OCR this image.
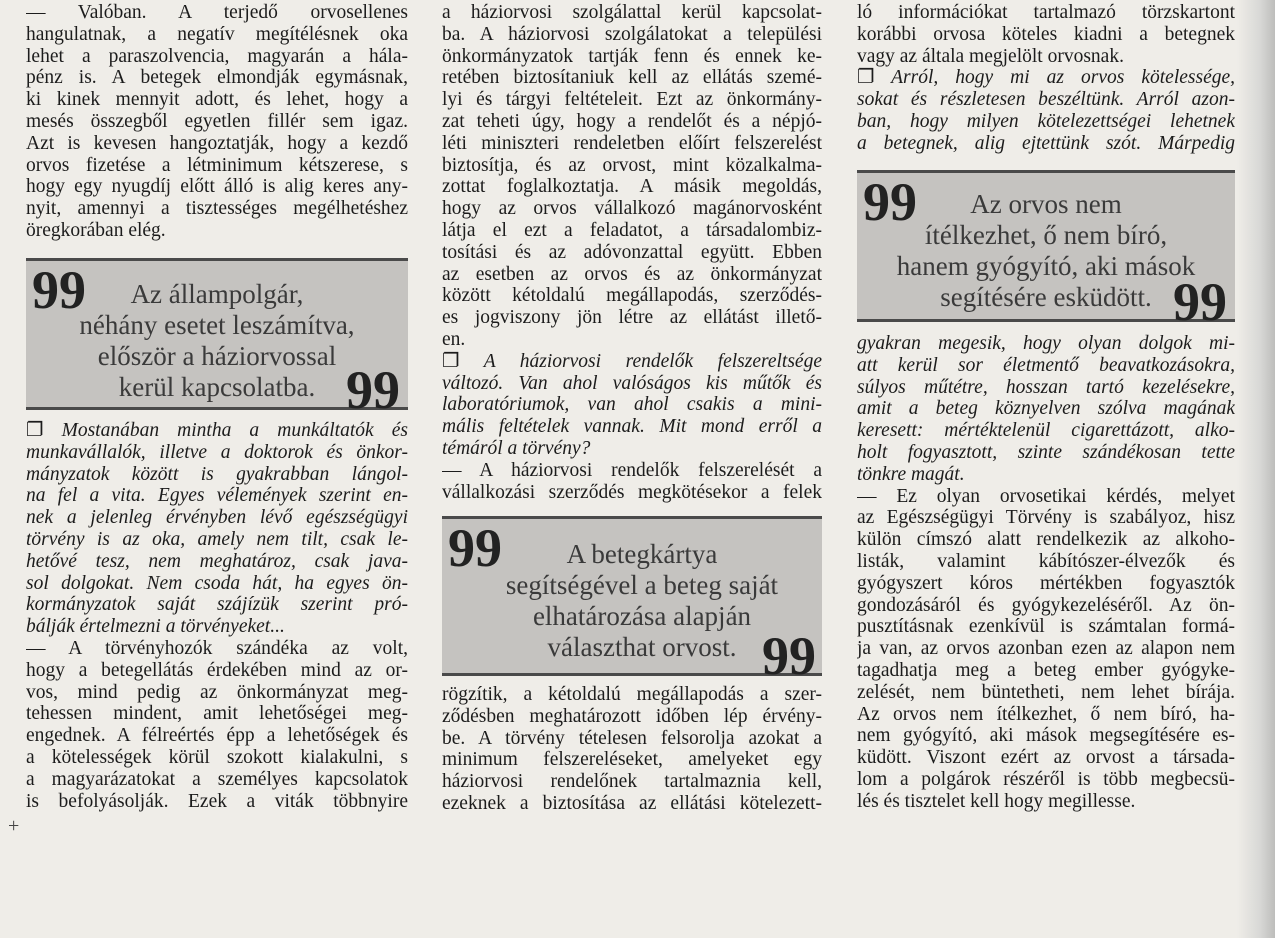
— Valóban. A terjedő orvosellenes
hangulatnak, a negatív megítélésnek oka
lehet a paraszolvencia, magyarán a hála-
pénz is. A betegek elmondják egymásnak,
ki kinek mennyit adott, és lehet, hogy a
mesés összegből egyetlen fillér sem igaz.
Azt is kevesen hangoztatják, hogy a kezdő
orvos fizetése a létminimum kétszerese, s
hogy egy nyugdíj előtt álló is alig keres any-
nyit, amennyi a tisztességes megélhetéshez
öregkorában elég.
99	Az állampolgár,
néhány esetet leszámítva,
először a háziorvossal
kerül kapcsolatba. 99
❐ Mostanában mintha a munkáltatók és
munkavállalók, illetve a doktorok és önkor-
mányzatok között is gyakrabban lángol-
na fel a vita. Egyes vélemények szerint en-
nek a jelenleg érvényben lévő egészségügyi
törvény is az oka, amely nem tilt, csak le-
hetővé tesz, nem meghatároz, csak java-
sol dolgokat. Nem csoda hát, ha egyes ön-
kormányzatok saját szájízük szerint pró-
bálják értelmezni a törvényeket...
— A törvényhozók szándéka az volt,
hogy a betegellátás érdekében mind az or-
vos, mind pedig az önkormányzat meg-
tehessen mindent, amit lehetőségei meg-
engednek. A félreértés épp a lehetőségek és
a kötelességek körül szokott kialakulni, s
a magyarázatokat a személyes kapcsolatok
is befolyásolják. Ezek a viták többnyire
a háziorvosi szolgálattal kerül kapcsolat-
ba. A háziorvosi szolgálatokat a települési
önkormányzatok tartják fenn és ennek ke-
retében biztosítaniuk kell az ellátás szemé-
lyi és tárgyi feltételeit. Ezt az önkormány-
zat teheti úgy, hogy a rendelőt és a népjó-
léti miniszteri rendeletben előírt felszerelést
biztosítja, és az orvost, mint közalkalma-
zottat foglalkoztatja. A másik megoldás,
hogy az orvos vállalkozó magánorvosként
látja el ezt a feladatot, a társadalombiz-
tosítási és az adóvonzattal együtt. Ebben
az esetben az orvos és az önkormányzat
között kétoldalú megállapodás, szerződés-
es jogviszony jön létre az ellátást illető-
en.
❐ A háziorvosi rendelők felszereltsége
változó. Van ahol valóságos kis műtők és
laboratóriumok, van ahol csakis a mini-
mális feltételek vannak. Mit mond erről a
témáról a törvény?
— A háziorvosi rendelők felszerelését a
vállalkozási szerződés megkötésekor a felek
99	A betegkártya
segítségével a beteg saját
elhatározása alapján
választhat orvost. 99
rögzítik, a kétoldalú megállapodás a szer-
ződésben meghatározott időben lép érvény-
be. A törvény tételesen felsorolja azokat a
minimum felszereléseket, amelyeket egy
háziorvosi rendelőnek tartalmaznia kell,
ezeknek a biztosítása az ellátási kötelezett-
ló információkat tartalmazó törzskartont
korábbi orvosa köteles kiadni a betegnek
vagy az általa megjelölt orvosnak.
❐ Arról, hogy mi az orvos kötelessége,
sokat és részletesen beszéltünk. Arról azon-
ban, hogy milyen kötelezettségei lehetnek
a betegnek, alig ejtettünk szót. Márpedig
99	Az orvos nem
ítélkezhet, ő nem bíró,
hanem gyógyító, aki mások
segítésére esküdött. 99
gyakran megesik, hogy olyan dolgok mi-
att kerül sor életmentő beavatkozásokra,
súlyos műtétre, hosszan tartó kezelésekre,
amit a beteg köznyelven szólva magának
keresett: mértéktelenül cigarettázott, alko-
holt fogyasztott, szinte szándékosan tette
tönkre magát.
— Ez olyan orvosetikai kérdés, melyet
az Egészségügyi Törvény is szabályoz, hisz
külön címszó alatt rendelkezik az alkoho-
listák, valamint kábítószer-élvezők és
gyógyszert kóros mértékben fogyasztók
gondozásáról és gyógykezeléséről. Az ön-
pusztításnak ezenkívül is számtalan formá-
ja van, az orvos azonban ezen az alapon nem
tagadhatja meg a beteg ember gyógyke-
zelését, nem büntetheti, nem lehet bírája.
Az orvos nem ítélkezhet, ő nem bíró, ha-
nem gyógyító, aki mások megsegítésére es-
küdött. Viszont ezért az orvost a társada-
lom a polgárok részéről is több megbecsü-
lés és tisztelet kell hogy megillesse.
+
